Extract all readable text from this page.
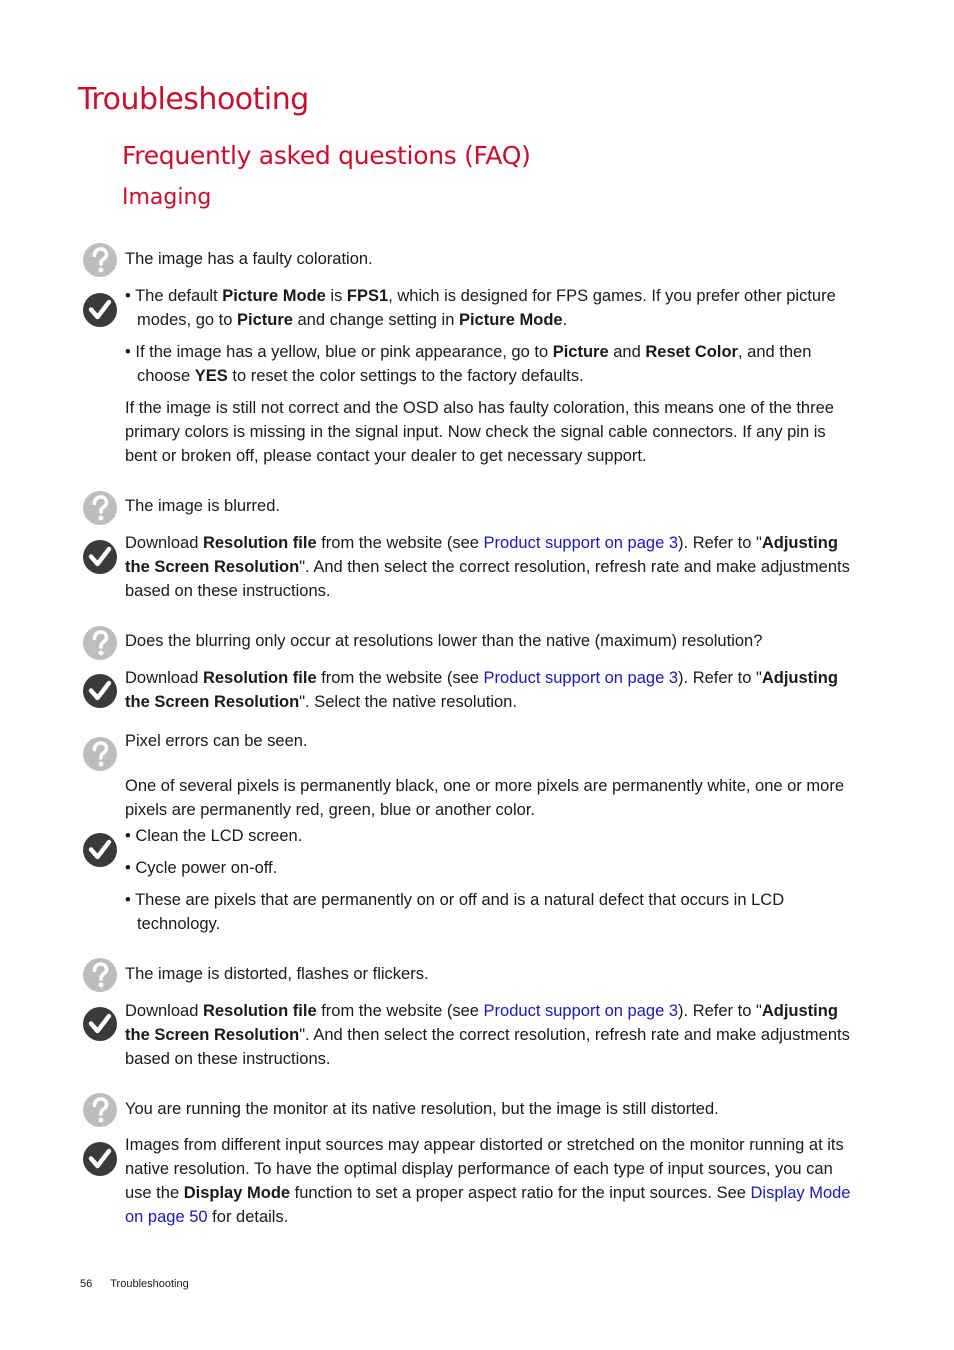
Troubleshooting
Frequently asked questions (FAQ)
Imaging
The image has a faulty coloration.

• The default Picture Mode is FPS1, which is designed for FPS games. If you prefer other picture modes, go to Picture and change setting in Picture Mode.

• If the image has a yellow, blue or pink appearance, go to Picture and Reset Color, and then choose YES to reset the color settings to the factory defaults.

If the image is still not correct and the OSD also has faulty coloration, this means one of the three primary colors is missing in the signal input. Now check the signal cable connectors. If any pin is bent or broken off, please contact your dealer to get necessary support.

The image is blurred.

Download Resolution file from the website (see Product support on page 3). Refer to "Adjusting the Screen Resolution". And then select the correct resolution, refresh rate and make adjustments based on these instructions.

Does the blurring only occur at resolutions lower than the native (maximum) resolution?

Download Resolution file from the website (see Product support on page 3). Refer to "Adjusting the Screen Resolution". Select the native resolution.

Pixel errors can be seen.

One of several pixels is permanently black, one or more pixels are permanently white, one or more pixels are permanently red, green, blue or another color.

• Clean the LCD screen.

• Cycle power on-off.

• These are pixels that are permanently on or off and is a natural defect that occurs in LCD technology.

The image is distorted, flashes or flickers.

Download Resolution file from the website (see Product support on page 3). Refer to "Adjusting the Screen Resolution". And then select the correct resolution, refresh rate and make adjustments based on these instructions.

You are running the monitor at its native resolution, but the image is still distorted.

Images from different input sources may appear distorted or stretched on the monitor running at its native resolution. To have the optimal display performance of each type of input sources, you can use the Display Mode function to set a proper aspect ratio for the input sources. See Display Mode on page 50 for details.

56 Troubleshooting
